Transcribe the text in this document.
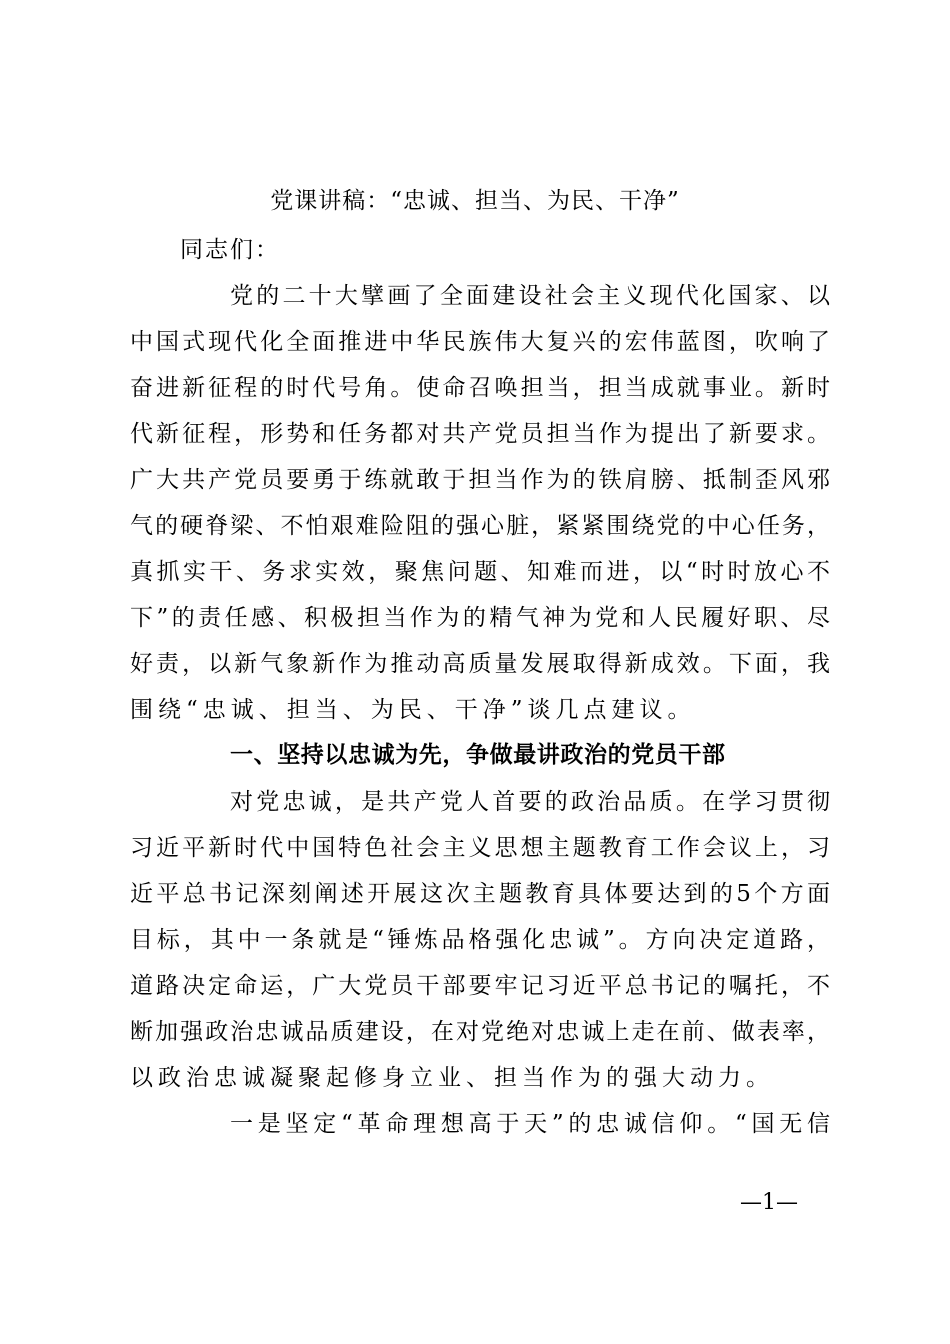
党课讲稿：“忠诚、担当、为民、干净”
同志们：
党的二十大擘画了全面建设社会主义现代化国家、以
中国式现代化全面推进中华民族伟大复兴的宏伟蓝图，吹响了
奋进新征程的时代号角。使命召唤担当，担当成就事业。新时
代新征程，形势和任务都对共产党员担当作为提出了新要求。
广大共产党员要勇于练就敢于担当作为的铁肩膀、抵制歪风邪
气的硬脊梁、不怕艰难险阻的强心脏，紧紧围绕党的中心任务，
真抓实干、务求实效，聚焦问题、知难而进，以“时时放心不
下”的责任感、积极担当作为的精气神为党和人民履好职、尽
好责，以新气象新作为推动高质量发展取得新成效。下面，我
围绕“忠诚、担当、为民、干净”谈几点建议。
一、坚持以忠诚为先，争做最讲政治的党员干部
对党忠诚，是共产党人首要的政治品质。在学习贯彻
习近平新时代中国特色社会主义思想主题教育工作会议上，习
近平总书记深刻阐述开展这次主题教育具体要达到的5个方面
目标，其中一条就是“锤炼品格强化忠诚”。方向决定道路，
道路决定命运，广大党员干部要牢记习近平总书记的嘱托，不
断加强政治忠诚品质建设，在对党绝对忠诚上走在前、做表率，
以政治忠诚凝聚起修身立业、担当作为的强大动力。
一是坚定“革命理想高于天”的忠诚信仰。“国无信
—1—
